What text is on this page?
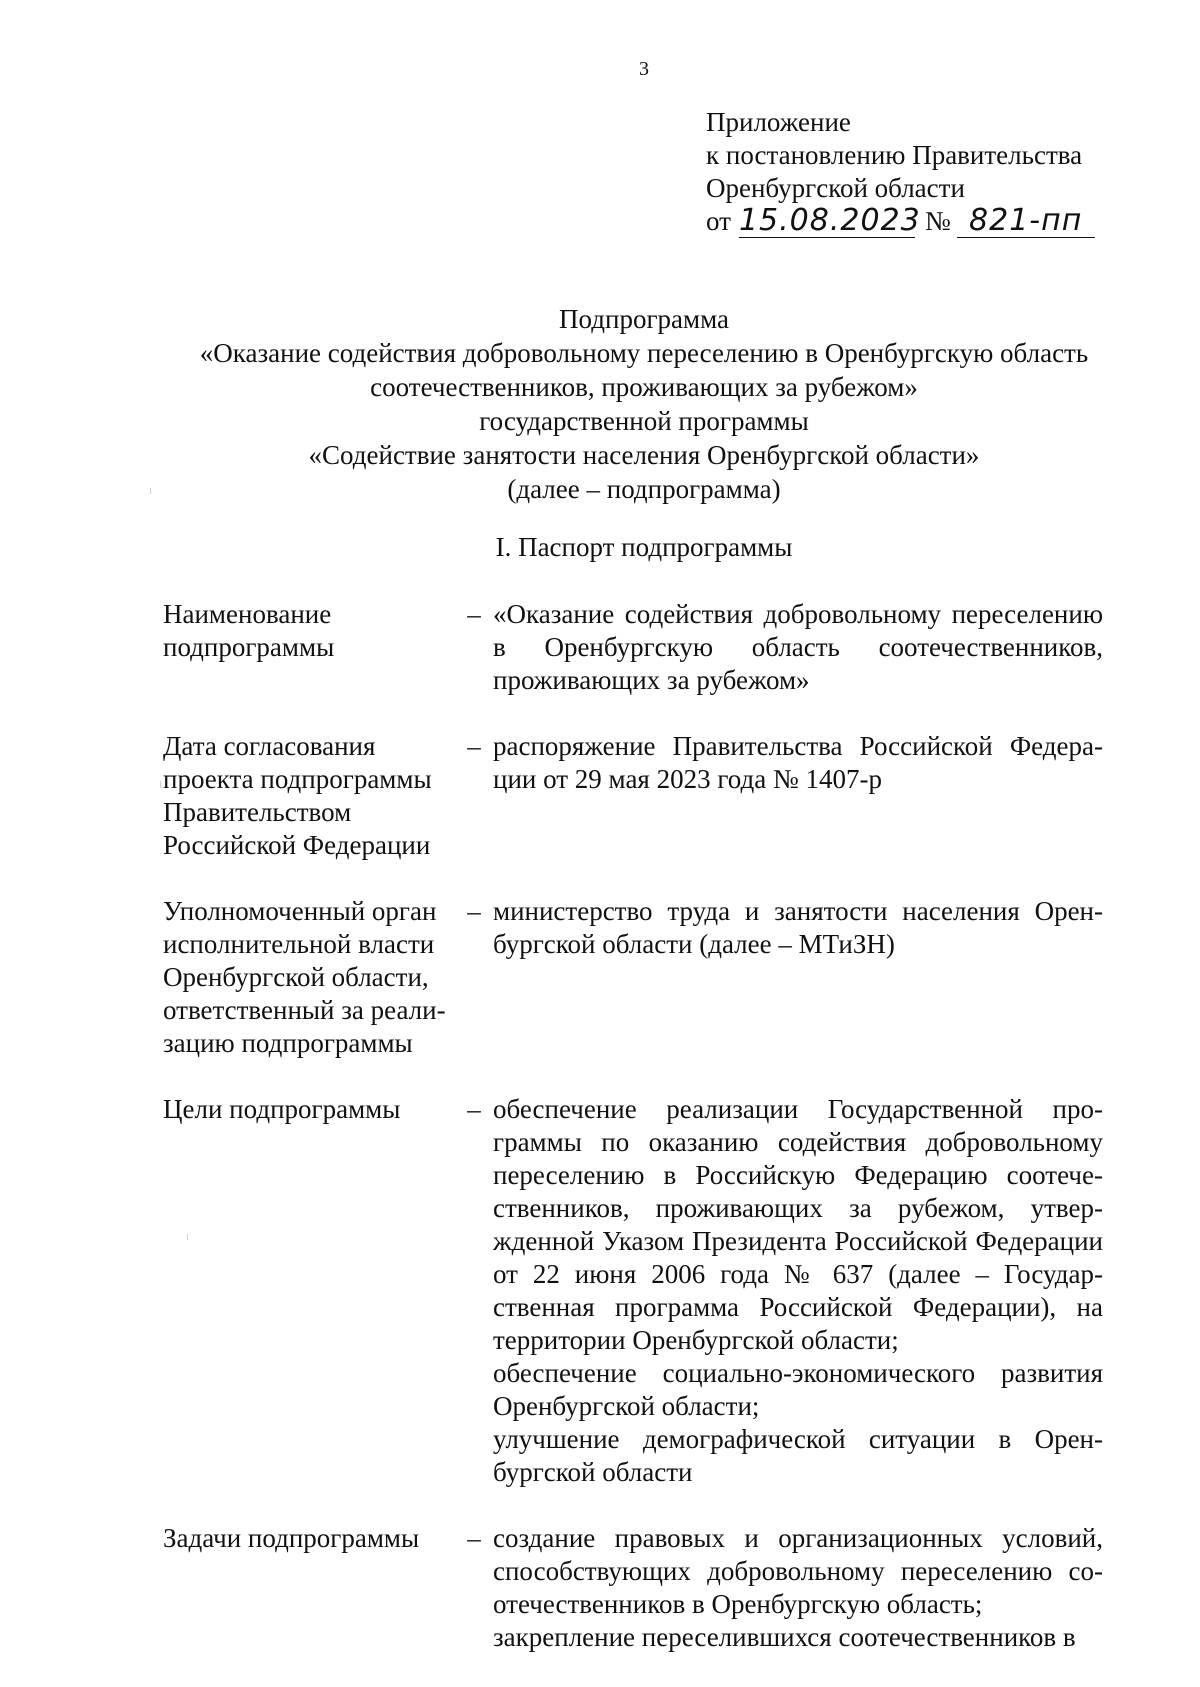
3
Приложение
к постановлению Правительства
Оренбургской области
от 15.08.2023 № 821-пп
Подпрограмма
«Оказание содействия добровольному переселению в Оренбургскую область
соотечественников, проживающих за рубежом»
государственной программы
«Содействие занятости населения Оренбургской области»
(далее – подпрограмма)
I. Паспорт подпрограммы
Наименование подпрограммы
– «Оказание содействия добровольному переселению в Оренбургскую область соотечественников, проживающих за рубежом»

Дата согласования проекта подпрограммы Правительством Российской Федерации
– распоряжение Правительства Российской Федерации от 29 мая 2023 года № 1407-р

Уполномоченный орган исполнительной власти Оренбургской области, ответственный за реализацию подпрограммы
– министерство труда и занятости населения Оренбургской области (далее – МТиЗН)

Цели подпрограммы	– обеспечение реализации Государственной программы по оказанию содействия добровольному переселению в Российскую Федерацию соотечественников, проживающих за рубежом, утвержденной Указом Президента Российской Федерации от 22 июня 2006 года № 637 (далее – Государственная программа Российской Федерации), на территории Оренбургской области;

обеспечение социально-экономического развития Оренбургской области;

улучшение демографической ситуации в Оренбургской области

Задачи подпрограммы	– создание правовых и организационных условий, способствующих добровольному переселению соотечественников в Оренбургскую область;

закрепление переселившихся соотечественников в
